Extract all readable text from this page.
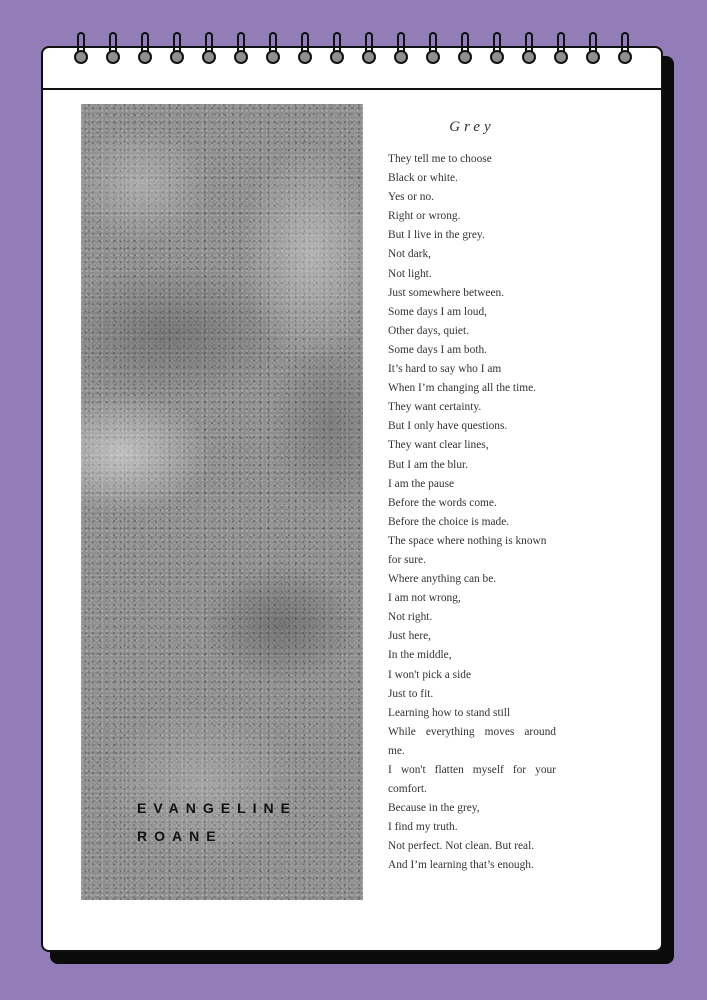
EVANGELINE
ROANE
Grey
They tell me to choose
Black or white.
Yes or no.
Right or wrong.
But I live in the grey.
Not dark,
Not light.
Just somewhere between.
Some days I am loud,
Other days, quiet.
Some days I am both.
It’s hard to say who I am
When I’m changing all the time.
They want certainty.
But I only have questions.
They want clear lines,
But I am the blur.
I am the pause
Before the words come.
Before the choice is made.
The space where nothing is known
for sure.
Where anything can be.
I am not wrong,
Not right.
Just here,
In the middle,
I won't pick a side
Just to fit.
Learning how to stand still
While everything moves around
me.
I won't flatten myself for your
comfort.
Because in the grey,
I find my truth.
Not perfect. Not clean. But real.
And I’m learning that’s enough.
